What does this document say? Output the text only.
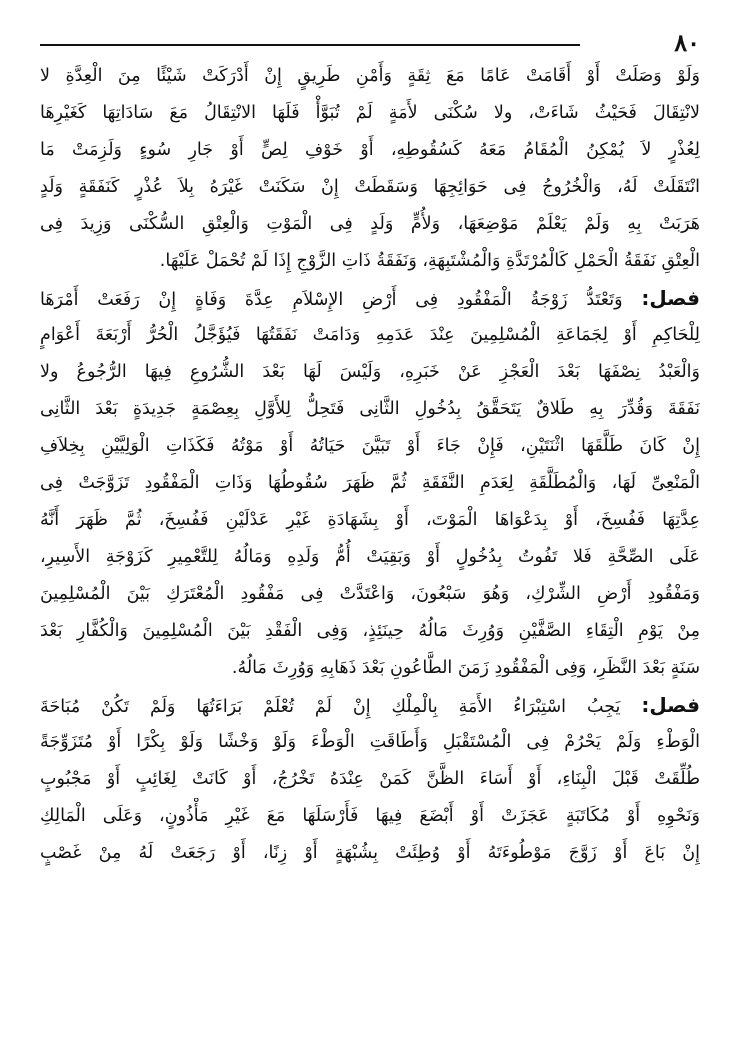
٨٠
وَلَوْ وَصَلَتْ أَوْ أَقَامَتْ عَامًا مَعَ ثِقَةٍ وَأَمْنِ طَرِيقٍ إِنْ أَدْرَكَتْ شَيْئًا مِنَ الْعِدَّةِ لا
لانْتِقَالَ فَحَيْثُ شَاءَتْ، ولا سُكْنَى لأَمَةٍ لَمْ تُبَوَّأْ فَلَهَا الانْتِقَالُ مَعَ سَادَاتِهَا كَغَيْرِهَا
لِعُذْرٍ لاَ يُمْكِنُ الْمُقَامُ مَعَهُ كَسُقُوطِهِ، أَوْ خَوْفِ لِصٍّ أَوْ جَارِ سُوءٍ وَلَزِمَتْ مَا
انْتَقَلَتْ لَهُ، وَالْخُرُوجُ فِى حَوَائِجِهَا وَسَقَطَتْ إِنْ سَكَنَتْ غَيْرَهُ بِلاَ عُذْرٍ كَنَفَقَةٍ وَلَدٍ
هَرَبَتْ بِهِ وَلَمْ يَعْلَمْ مَوْضِعَهَا، وَلأُمٍّ وَلَدٍ فِى الْمَوْتِ وَالْعِتْقِ السُّكْنَى وَزِيدَ فِى
الْعِتْقِ نَفَقَةُ الْحَمْلِ كَالْمُرْتَدَّةِ وَالْمُشْتَبِهَةِ، وَنَفَقَةُ ذَاتِ الزَّوْجِ إِذَا لَمْ تُحْمَلْ عَلَيْهَا.
فصل: وَتَعْتَدُّ زَوْجَةُ الْمَفْقُودِ فِى أَرْضِ الإِسْلاَمِ عِدَّةَ وَفَاةٍ إِنْ رَفَعَتْ أَمْرَهَا
لِلْحَاكِمِ أَوْ لِجَمَاعَةِ الْمُسْلِمِينَ عِنْدَ عَدَمِهِ وَدَامَتْ نَفَقَتُهَا فَيُؤَجَّلُ الْحُرُّ أَرْبَعَةَ أَعْوَامٍ
وَالْعَبْدُ نِصْفَهَا بَعْدَ الْعَجْزِ عَنْ خَبَرِهِ، وَلَيْسَ لَهَا بَعْدَ الشُّرُوعِ فِيهَا الرُّجُوعُ ولا
نَفَقَةَ وَقُدِّرَ بِهِ طَلاقٌ يَتَحَقَّقُ بِدُخُولِ الثَّانِى فَتَحِلُّ لِلأَوَّلِ بِعِصْمَةٍ جَدِيدَةٍ بَعْدَ الثَّانِى
إِنْ كَانَ طَلَّقَهَا اثْنَتَيْنِ، فَإِنْ جَاءَ أَوْ تَبَيَّنَ حَيَاتُهُ أَوْ مَوْتُهُ فَكَذَاتِ الْوَلِيَّيْنِ بِخِلاَفِ
الْمَنْعِىِّ لَهَا، وَالْمُطَلَّقَةِ لِعَدَمِ النَّفَقَةِ ثُمَّ ظَهَرَ سُقُوطُهَا وَذَاتِ الْمَفْقُودِ تَزَوَّجَتْ فِى
عِدَّتِهَا فَفُسِخَ، أَوْ بِدَعْوَاهَا الْمَوْتَ، أَوْ بِشَهَادَةِ غَيْرِ عَدْلَيْنِ فَفُسِخَ، ثُمَّ ظَهَرَ أَنَّهُ
عَلَى الصِّحَّةِ فَلا تَفُوتُ بِدُخُولٍ أَوْ وَبَقِيَتْ أُمُّ وَلَدِهِ وَمَالُهُ لِلتَّعْمِيرِ كَزَوْجَةِ الأَسِيرِ،
وَمَفْقُودِ أَرْضِ الشِّرْكِ، وَهُوَ سَبْعُونَ، وَاعْتَدَّتْ فِى مَفْقُودِ الْمُعْتَرَكِ بَيْنَ الْمُسْلِمِينَ
مِنْ يَوْمِ الْتِقَاءِ الصَّفَّيْنِ وَوُرِثَ مَالُهُ حِينَئِذٍ، وَفِى الْفَقْدِ بَيْنَ الْمُسْلِمِينَ وَالْكُفَّارِ بَعْدَ
سَنَةٍ بَعْدَ النَّظَرِ، وَفِى الْمَفْقُودِ زَمَنَ الطَّاعُونِ بَعْدَ ذَهَابِهِ وَوُرِثَ مَالُهُ.
فصل: يَجِبُ اسْتِبْرَاءُ الأَمَةِ بِالْمِلْكِ إِنْ لَمْ تُعْلَمْ بَرَاءَتُهَا وَلَمْ تَكُنْ مُبَاحَةَ
الْوَطْءِ وَلَمْ يَحْرُمْ فِى الْمُسْتَقْبَلِ وَأَطَاقَتِ الْوَطْءَ وَلَوْ وَخْشًا وَلَوْ بِكْرًا أَوْ مُتَزَوِّجَةً
طُلِّقَتْ قَبْلَ الْبِنَاءِ، أَوْ أَسَاءَ الظَّنَّ كَمَنْ عِنْدَهُ تَخْرُجُ، أَوْ كَانَتْ لِغَائِبٍ أَوْ مَجْبُوبٍ
وَنَحْوِهِ أَوْ مُكَاتَبَةٍ عَجَزَتْ أَوْ أَبْضَعَ فِيهَا فَأَرْسَلَهَا مَعَ غَيْرِ مَأْذُونٍ، وَعَلَى الْمَالِكِ
إِنْ بَاعَ أَوْ زَوَّجَ مَوْطُوءَتَهُ أَوْ وُطِئَتْ بِشُبْهَةٍ أَوْ زِنًا، أَوْ رَجَعَتْ لَهُ مِنْ غَصْبٍ
